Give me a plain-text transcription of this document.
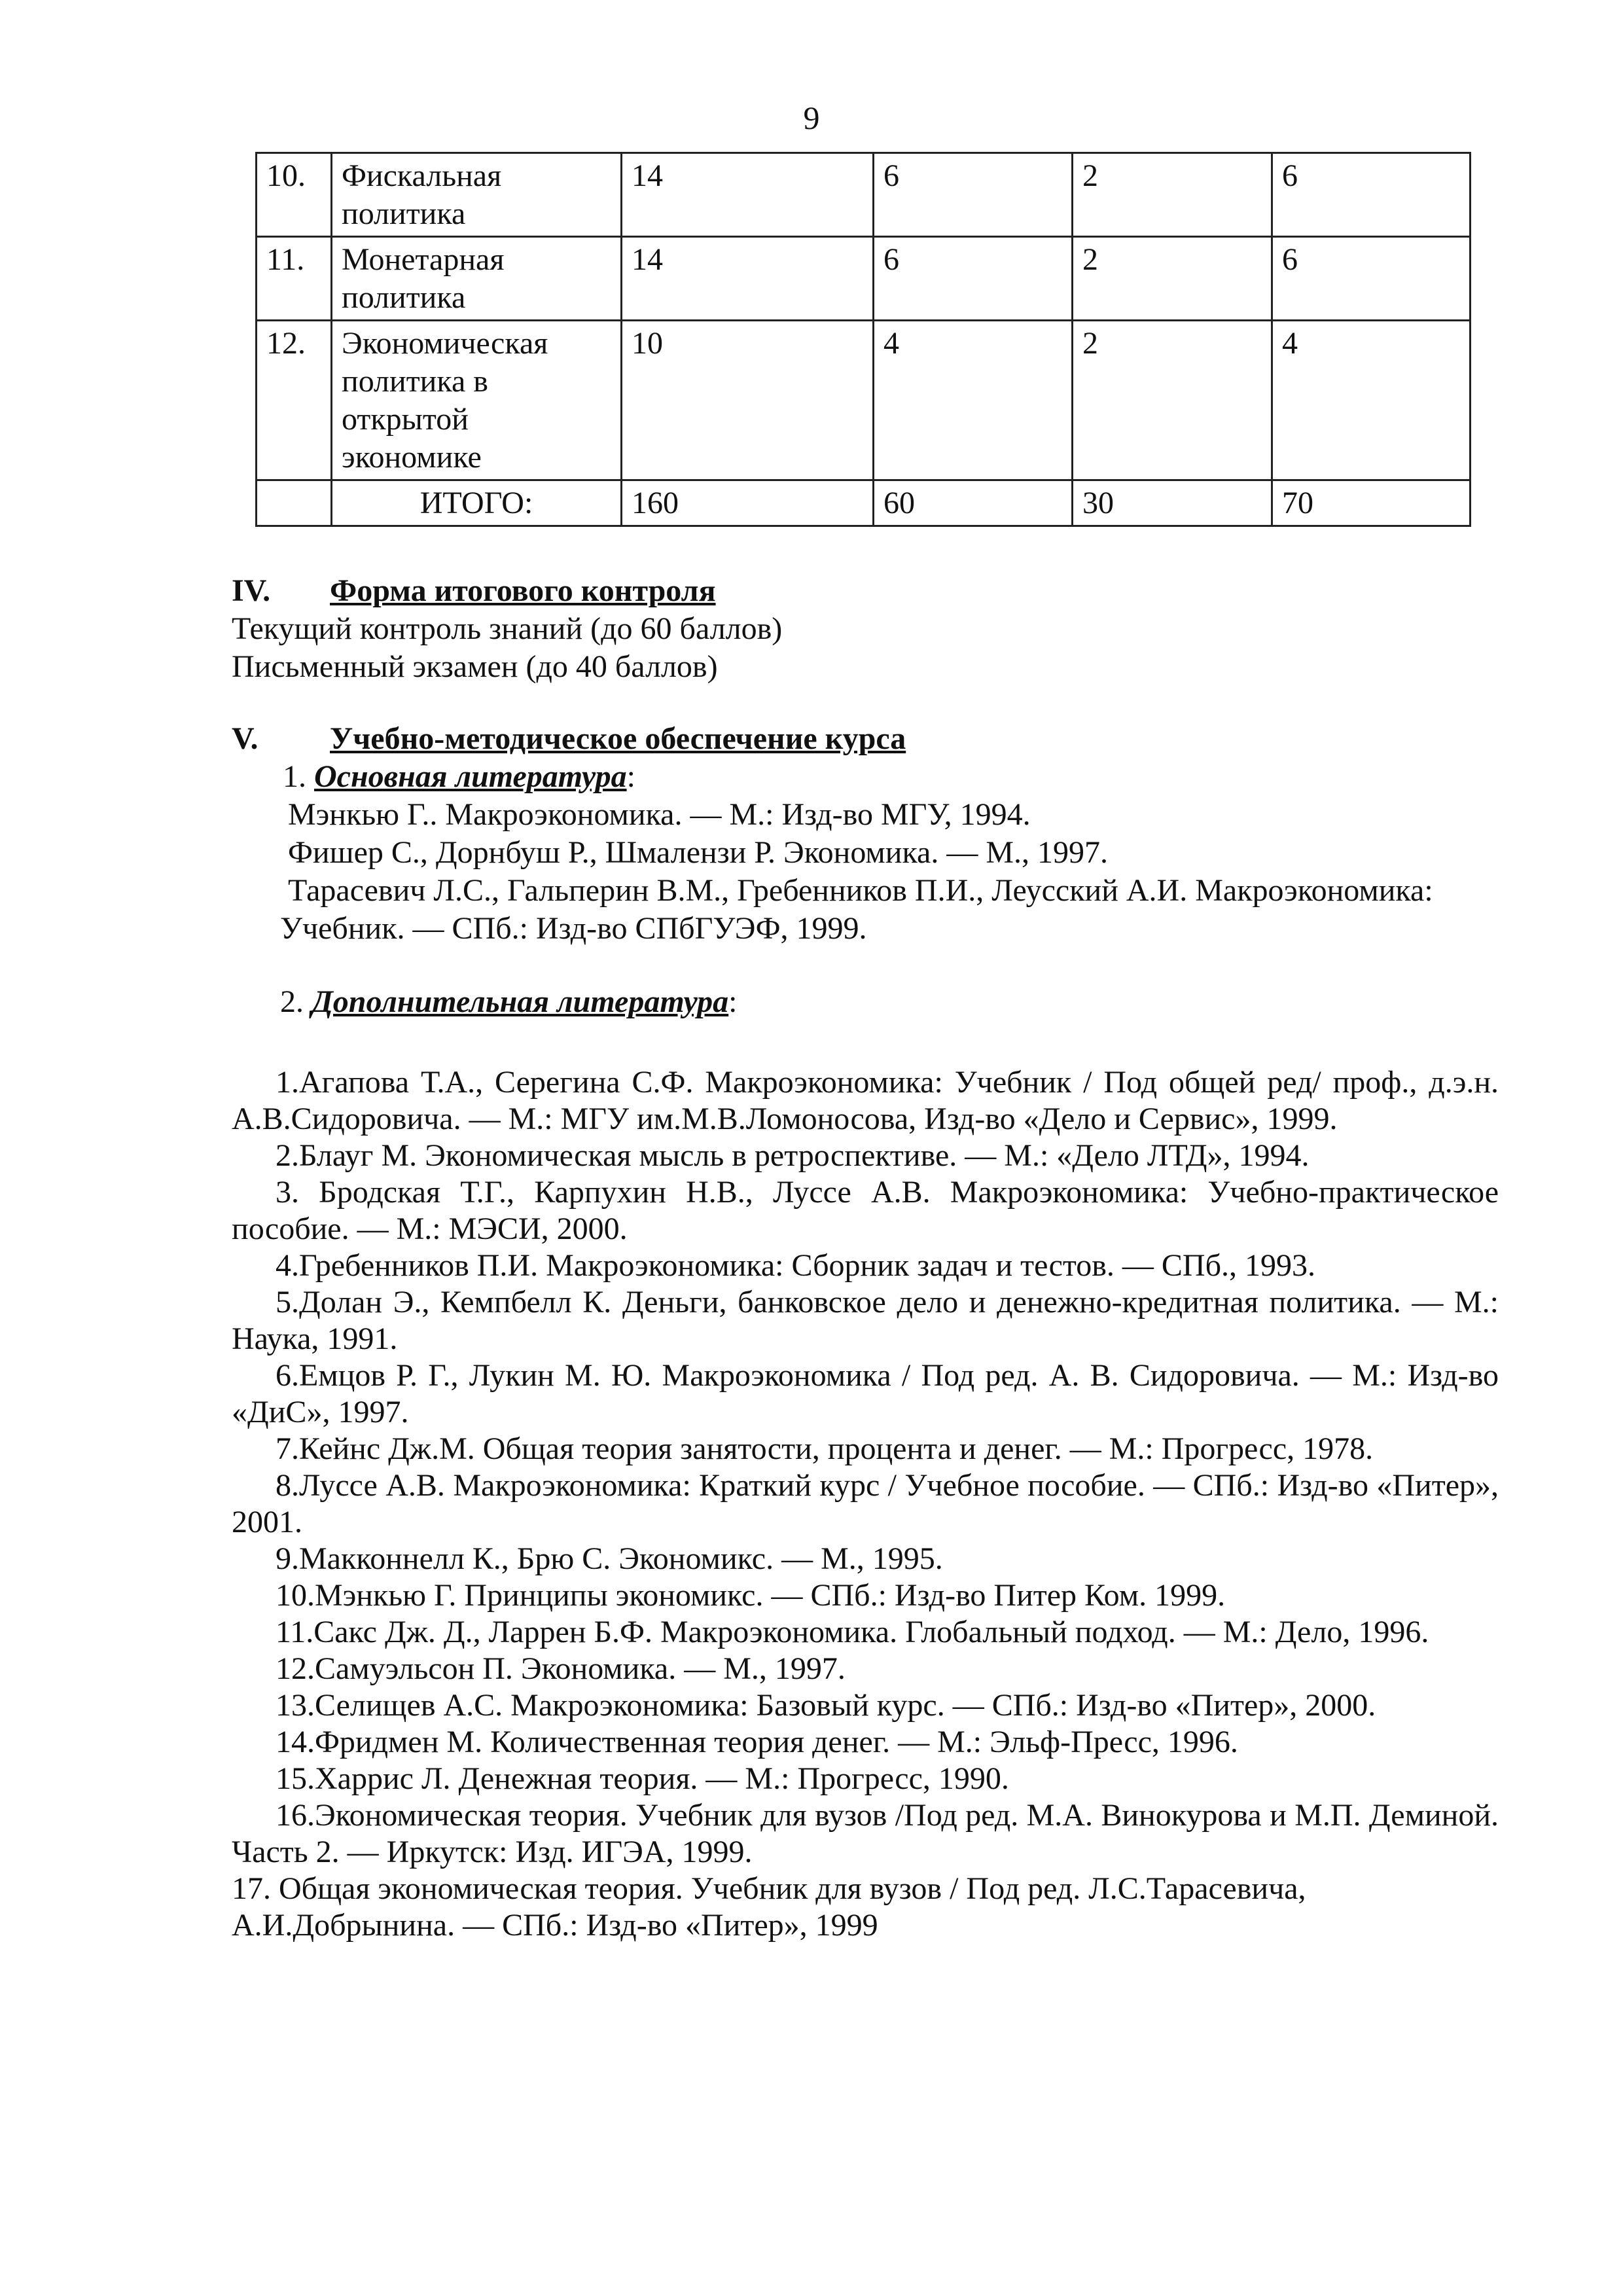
9
10.	Фискальная политика	14	6	2	6
11.	Монетарная политика	14	6	2	6
12.	Экономическая политика в открытой экономике	10	4	2	4
	ИТОГО:	160	60	30	70
IV. Форма итогового контроля
Текущий контроль знаний (до 60 баллов)
Письменный экзамен (до 40 баллов)
V. Учебно-методическое обеспечение курса
1. Основная литература:
Мэнкью Г.. Макроэкономика. — М.: Изд-во МГУ, 1994.
Фишер С., Дорнбуш Р., Шмалензи Р. Экономика. — М., 1997.
Тарасевич Л.С., Гальперин В.М., Гребенников П.И., Леусский А.И. Макроэкономика:
Учебник. — СПб.: Изд-во СПбГУЭФ, 1999.
2. Дополнительная литература:

1.Агапова Т.А., Серегина С.Ф. Макроэкономика: Учебник / Под общей ред/ проф., д.э.н. А.В.Сидоровича. — М.: МГУ им.М.В.Ломоносова, Изд-во «Дело и Сервис», 1999.

2.Блауг М. Экономическая мысль в ретроспективе. — М.: «Дело ЛТД», 1994.

3. Бродская Т.Г., Карпухин Н.В., Луссе А.В. Макроэкономика: Учебно-практическое пособие. — М.: МЭСИ, 2000.

4.Гребенников П.И. Макроэкономика: Сборник задач и тестов. — СПб., 1993.

5.Долан Э., Кемпбелл К. Деньги, банковское дело и денежно-кредитная политика. — М.: Наука, 1991.

6.Емцов Р. Г., Лукин М. Ю. Макроэкономика / Под ред. А. В. Сидоровича. — М.: Изд-во «ДиС», 1997.

7.Кейнс Дж.М. Общая теория занятости, процента и денег. — М.: Прогресс, 1978.

8.Луссе А.В. Макроэкономика: Краткий курс / Учебное пособие. — СПб.: Изд-во «Питер», 2001.

9.Макконнелл К., Брю С. Экономикс. — М., 1995.

10.Мэнкью Г. Принципы экономикс. — СПб.: Изд-во Питер Ком. 1999.

11.Сакс Дж. Д., Ларрен Б.Ф. Макроэкономика. Глобальный подход. — М.: Дело, 1996.

12.Самуэльсон П. Экономика. — М., 1997.

13.Селищев А.С. Макроэкономика: Базовый курс. — СПб.: Изд-во «Питер», 2000.

14.Фридмен М. Количественная теория денег. — М.: Эльф-Пресс, 1996.

15.Харрис Л. Денежная теория. — М.: Прогресс, 1990.

16.Экономическая теория. Учебник для вузов /Под ред. М.А. Винокурова и М.П. Деминой. Часть 2. — Иркутск: Изд. ИГЭА, 1999.

17. Общая экономическая теория. Учебник для вузов / Под ред. Л.С.Тарасевича,

А.И.Добрынина. — СПб.: Изд-во «Питер», 1999
